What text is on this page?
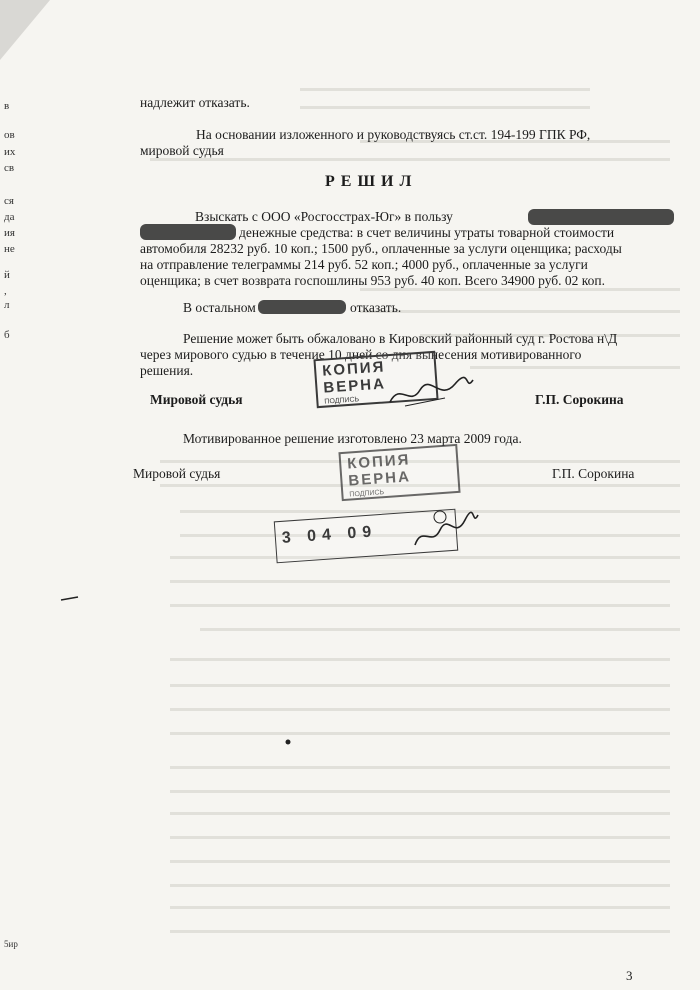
в
ов
их
св
ся
да
ия
не
й
,
л
б
5ир
надлежит отказать.
На основании изложенного и руководствуясь ст.ст. 194-199 ГПК РФ,
мировой судья
Р Е Ш И Л
Взыскать с ООО «Росгосстрах-Юг» в пользу
денежные средства: в счет величины утраты товарной стоимости
автомобиля 28232 руб. 10 коп.; 1500 руб., оплаченные за услуги оценщика; расходы
на отправление телеграммы 214 руб. 52 коп.; 4000 руб., оплаченные за услуги
оценщика; в счет возврата госпошлины 953 руб. 40 коп. Всего 34900 руб. 02 коп.
В остальном	отказать.
Решение может быть обжаловано в Кировский районный суд г. Ростова н\Д
через мирового судью в течение 10 дней со дня вынесения мотивированного
решения.	КОПИЯ ВЕРНА
ПОДПИСЬ
Мировой судья	Г.П. Сорокина
Мотивированное решение изготовлено 23 марта 2009 года.
Мировой судья	Г.П. Сорокина
КОПИЯ ВЕРНА
ПОДПИСЬ
3 04 09
3
